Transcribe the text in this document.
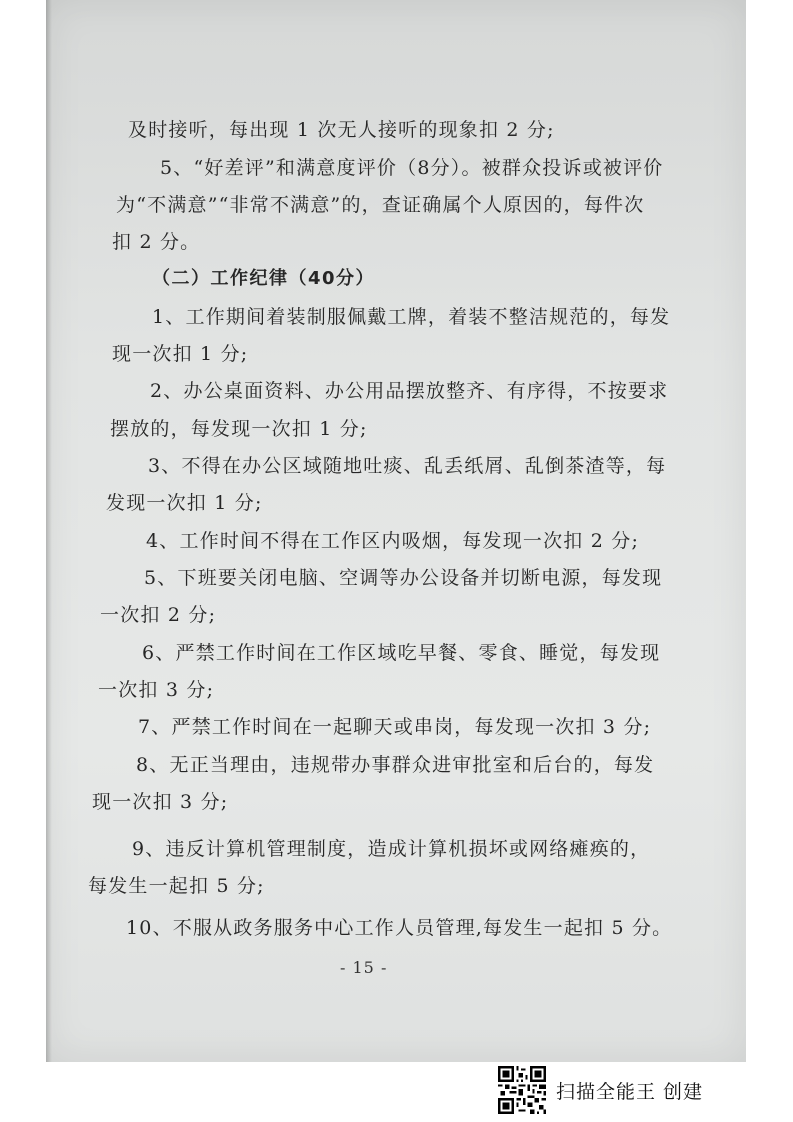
及时接听，每出现 1 次无人接听的现象扣 2 分;
5、“好差评”和满意度评价（8分）。被群众投诉或被评价
为“不满意”“非常不满意”的，查证确属个人原因的，每件次
扣 2 分。
（二）工作纪律（40分）
1、工作期间着装制服佩戴工牌，着装不整洁规范的，每发
现一次扣 1 分;
2、办公桌面资料、办公用品摆放整齐、有序得，不按要求
摆放的，每发现一次扣 1 分;
3、不得在办公区域随地吐痰、乱丢纸屑、乱倒茶渣等，每
发现一次扣 1 分;
4、工作时间不得在工作区内吸烟，每发现一次扣 2 分;
5、下班要关闭电脑、空调等办公设备并切断电源，每发现
一次扣 2 分;
6、严禁工作时间在工作区域吃早餐、零食、睡觉，每发现
一次扣 3 分;
7、严禁工作时间在一起聊天或串岗，每发现一次扣 3 分;
8、无正当理由，违规带办事群众进审批室和后台的，每发
现一次扣 3 分;
9、违反计算机管理制度，造成计算机损坏或网络瘫痪的，
每发生一起扣 5 分;
10、不服从政务服务中心工作人员管理,每发生一起扣 5 分。
- 15 -
扫描全能王 创建
